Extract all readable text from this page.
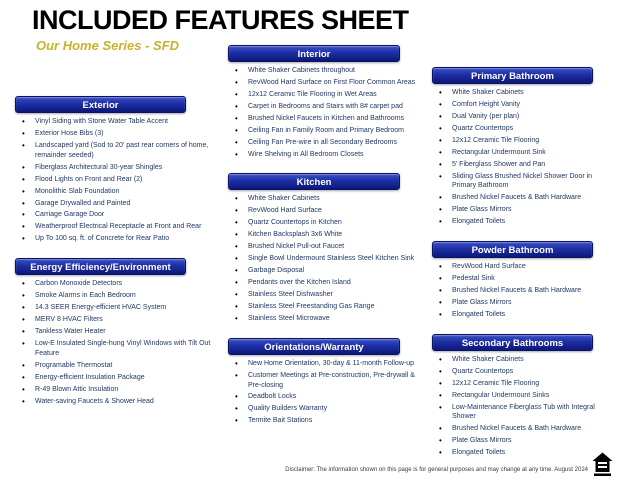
INCLUDED FEATURES SHEET
Our Home Series - SFD
Exterior
• Vinyl Siding with Stone Water Table Accent
• Exterior Hose Bibs (3)
• Landscaped yard (Sod to 20' past rear corners of home, remainder seeded)
• Fiberglass Architectural 30-year Shingles
• Flood Lights on Front and Rear (2)
• Monolithic Slab Foundation
• Garage Drywalled and Painted
• Carriage Garage Door
• Weatherproof Electrical Receptacle at Front and Rear
• Up To 100 sq. ft. of Concrete for Rear Patio
Energy Efficiency/Environment
• Carbon Monoxide Detectors
• Smoke Alarms in Each Bedroom
• 14.3 SEER Energy-efficient HVAC System
• MERV 8 HVAC Filters
• Tankless Water Heater
• Low-E Insulated Single-hung Vinyl Windows with Tilt Out Feature
• Programable Thermostat
• Energy-efficient Insulation Package
• R-49 Blown Attic Insulation
• Water-saving Faucets & Shower Head
Interior
• White Shaker Cabinets throughout
• RevWood Hard Surface on First Floor Common Areas
• 12x12 Ceramic Tile Flooring in Wet Areas
• Carpet in Bedrooms and Stairs with 8# carpet pad
• Brushed Nickel Faucets in Kitchen and Bathrooms
• Ceiling Fan in Family Room and Primary Bedroom
• Ceiling Fan Pre-wire in all Secondary Bedrooms
• Wire Shelving in All Bedroom Closets
Kitchen
• White Shaker Cabinets
• RevWood Hard Surface
• Quartz Countertops in Kitchen
• Kitchen Backsplash 3x6 White
• Brushed Nickel Pull-out Faucet
• Single Bowl Undermount Stainless Steel Kitchen Sink
• Garbage Disposal
• Pendants over the Kitchen Island
• Stainless Steel Dishwasher
• Stainless Steel Freestanding Gas Range
• Stainless Steel Microwave
Orientations/Warranty
• New Home Orientation, 30-day & 11-month Follow-up
• Customer Meetings at Pre-construction, Pre-drywall & Pre-closing
• Deadbolt Locks
• Quality Builders Warranty
• Termite Bait Stations
Primary Bathroom
• White Shaker Cabinets
• Comfort Height Vanity
• Dual Vanity (per plan)
• Quartz Countertops
• 12x12 Ceramic Tile Flooring
• Rectangular Undermount Sink
• 5' Fiberglass Shower and Pan
• Sliding Glass Brushed Nickel Shower Door in Primary Bathroom
• Brushed Nickel Faucets & Bath Hardware
• Plate Glass Mirrors
• Elongated Toilets
Powder Bathroom
• RevWood Hard Surface
• Pedestal Sink
• Brushed Nickel Faucets & Bath Hardware
• Plate Glass Mirrors
• Elongated Toilets
Secondary Bathrooms
• White Shaker Cabinets
• Quartz Countertops
• 12x12 Ceramic Tile Flooring
• Rectangular Undermount Sinks
• Low-Maintenance Fiberglass Tub with Integral Shower
• Brushed Nickel Faucets & Bath Hardware
• Plate Glass Mirrors
• Elongated Toilets
Disclaimer: The information shown on this page is for general purposes and may change at any time. August 2024
